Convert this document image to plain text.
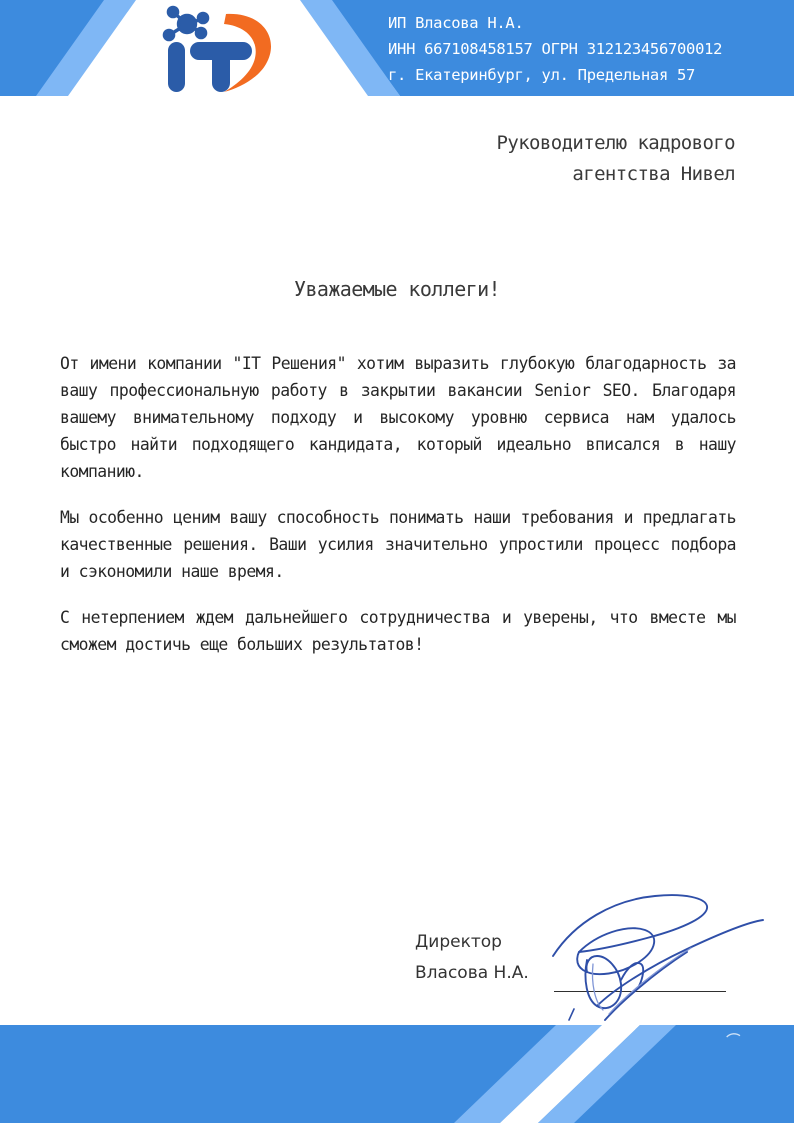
ИП Власова Н.А.
ИНН 667108458157 ОГРН 312123456700012
г. Екатеринбург, ул. Предельная 57
Руководителю кадрового
агентства Нивел
Уважаемые коллеги!

От имени компании "IT Решения" хотим выразить глубокую благодарность за вашу профессиональную работу в закрытии вакансии Senior SEO. Благодаря вашему внимательному подходу и высокому уровню сервиса нам удалось быстро найти подходящего кандидата, который идеально вписался в нашу компанию.

Мы особенно ценим вашу способность понимать наши требования и предлагать качественные решения. Ваши усилия значительно упростили процесс подбора и сэкономили наше время.

С нетерпением ждем дальнейшего сотрудничества и уверены, что вместе мы сможем достичь еще больших результатов!

Директор
Власова Н.А.
